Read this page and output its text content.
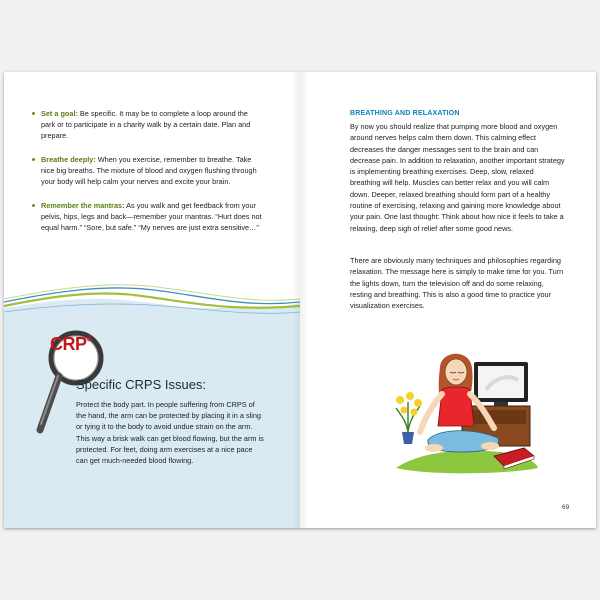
Set a goal: Be specific. It may be to complete a loop around the park or to participate in a charity walk by a certain date. Plan and prepare.
Breathe deeply: When you exercise, remember to breathe. Take nice big breaths. The mixture of blood and oxygen flushing through your body will help calm your nerves and excite your brain.
Remember the mantras: As you walk and get feedback from your pelvis, hips, legs and back—remember your mantras. “Hurt does not equal harm.” “Sore, but safe.” “My nerves are just extra sensitive…”
CRP$^s$
Specific CRPS Issues:

Protect the body part. In people suffering from CRPS of the hand, the arm can be protected by placing it in a sling or tying it to the body to avoid undue strain on the arm. This way a brisk walk can get blood flowing, but the arm is protected. For feet, doing arm exercises at a nice pace can get much-needed blood flowing.

BREATHING AND RELAXATION

By now you should realize that pumping more blood and oxygen around nerves helps calm them down. This calming effect decreases the danger messages sent to the brain and can decrease pain. In addition to relaxation, another important strategy is implementing breathing exercises. Deep, slow, relaxed breathing will help. Muscles can better relax and you will calm down. Deeper, relaxed breathing should form part of a healthy routine of exercising, relaxing and gaining more knowledge about your pain. One last thought: Think about how nice it feels to take a relaxing, deep sigh of relief after some good news.

There are obviously many techniques and philosophies regarding relaxation. The message here is simply to make time for you. Turn the lights down, turn the television off and do some relaxing, resting and breathing. This is also a good time to practice your visualization exercises.

69
